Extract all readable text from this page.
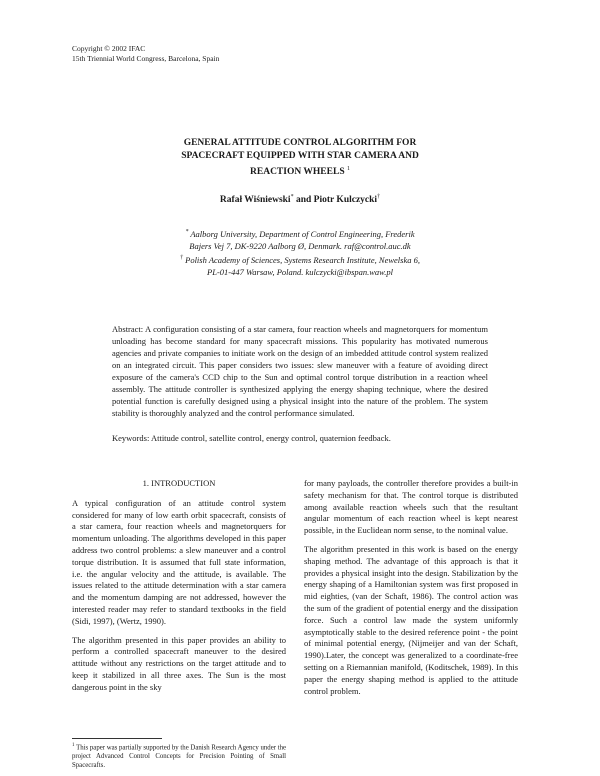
Copyright © 2002 IFAC
15th Triennial World Congress, Barcelona, Spain
GENERAL ATTITUDE CONTROL ALGORITHM FOR
SPACECRAFT EQUIPPED WITH STAR CAMERA AND
REACTION WHEELS $^1$
Rafał Wiśniewski* and Piotr Kulczycki†
* Aalborg University, Department of Control Engineering, Frederik
Bajers Vej 7, DK-9220 Aalborg Ø, Denmark. raf@control.auc.dk
† Polish Academy of Sciences, Systems Research Institute, Newelska 6,
PL-01-447 Warsaw, Poland. kulczycki@ibspan.waw.pl
Abstract: A configuration consisting of a star camera, four reaction wheels and magnetorquers for momentum unloading has become standard for many spacecraft missions. This popularity has motivated numerous agencies and private companies to initiate work on the design of an imbedded attitude control system realized on an integrated circuit. This paper considers two issues: slew maneuver with a feature of avoiding direct exposure of the camera's CCD chip to the Sun and optimal control torque distribution in a reaction wheel assembly. The attitude controller is synthesized applying the energy shaping technique, where the desired potential function is carefully designed using a physical insight into the nature of the problem. The system stability is thoroughly analyzed and the control performance simulated.
Keywords: Attitude control, satellite control, energy control, quaternion feedback.
1. INTRODUCTION

A typical configuration of an attitude control system considered for many of low earth orbit spacecraft, consists of a star camera, four reaction wheels and magnetorquers for momentum unloading. The algorithms developed in this paper address two control problems: a slew maneuver and a control torque distribution. It is assumed that full state information, i.e. the angular velocity and the attitude, is available. The issues related to the attitude determination with a star camera and the momentum damping are not addressed, however the interested reader may refer to standard textbooks in the field (Sidi, 1997), (Wertz, 1990).

The algorithm presented in this paper provides an ability to perform a controlled spacecraft maneuver to the desired attitude without any restrictions on the target attitude and to keep it stabilized in all three axes. The Sun is the most dangerous point in the sky

for many payloads, the controller therefore provides a built-in safety mechanism for that. The control torque is distributed among available reaction wheels such that the resultant angular momentum of each reaction wheel is kept nearest possible, in the Euclidean norm sense, to the nominal value.

The algorithm presented in this work is based on the energy shaping method. The advantage of this approach is that it provides a physical insight into the design. Stabilization by the energy shaping of a Hamiltonian system was first proposed in mid eighties, (van der Schaft, 1986). The control action was the sum of the gradient of potential energy and the dissipation force. Such a control law made the system uniformly asymptotically stable to the desired reference point - the point of minimal potential energy, (Nijmeijer and van der Schaft, 1990).Later, the concept was generalized to a coordinate-free setting on a Riemannian manifold, (Koditschek, 1989). In this paper the energy shaping method is applied to the attitude control problem.

$^1$ This paper was partially supported by the Danish Research Agency under the project Advanced Control Concepts for Precision Pointing of Small Spacecrafts.
